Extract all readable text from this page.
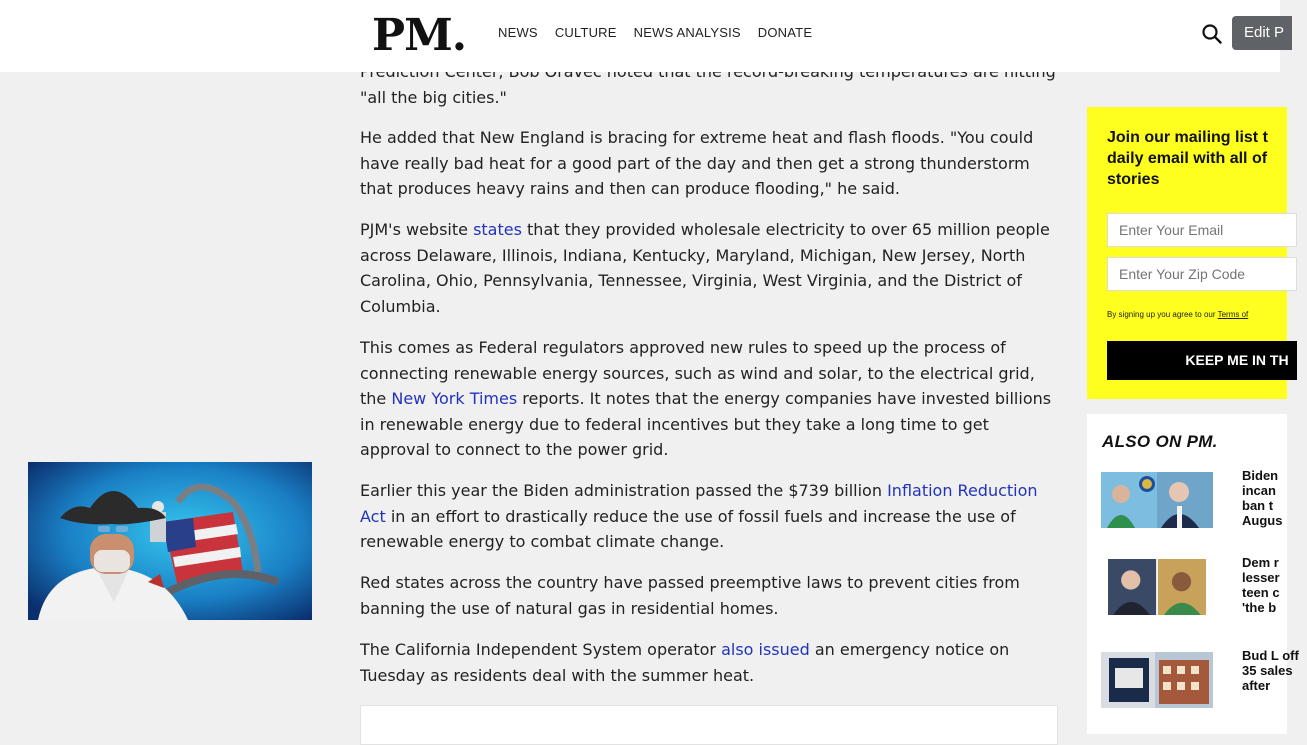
PM. NEWS CULTURE NEWS ANALYSIS DONATE	Edit P

"all the big cities."

He added that New England is bracing for extreme heat and flash floods. "You could have really bad heat for a good part of the day and then get a strong thunderstorm that produces heavy rains and then can produce flooding," he said.

PJM's website states that they provided wholesale electricity to over 65 million people across Delaware, Illinois, Indiana, Kentucky, Maryland, Michigan, New Jersey, North Carolina, Ohio, Pennsylvania, Tennessee, Virginia, West Virginia, and the District of Columbia.

This comes as Federal regulators approved new rules to speed up the process of connecting renewable energy sources, such as wind and solar, to the electrical grid, the New York Times reports. It notes that the energy companies have invested billions in renewable energy due to federal incentives but they take a long time to get approval to connect to the power grid.

Earlier this year the Biden administration passed the $739 billion Inflation Reduction Act in an effort to drastically reduce the use of fossil fuels and increase the use of renewable energy to combat climate change.

Red states across the country have passed preemptive laws to prevent cities from banning the use of natural gas in residential homes.

The California Independent System operator also issued an emergency notice on Tuesday as residents deal with the summer heat.

Join our mailing list t daily email with all of stories
Enter Your Email
Enter Your Zip Code
By signing up you agree to our Terms of
KEEP ME IN TH
ALSO ON PM.
Biden incan ban t Augus
Dem r lesser teen c 'the b
Bud L off 35 sales after
